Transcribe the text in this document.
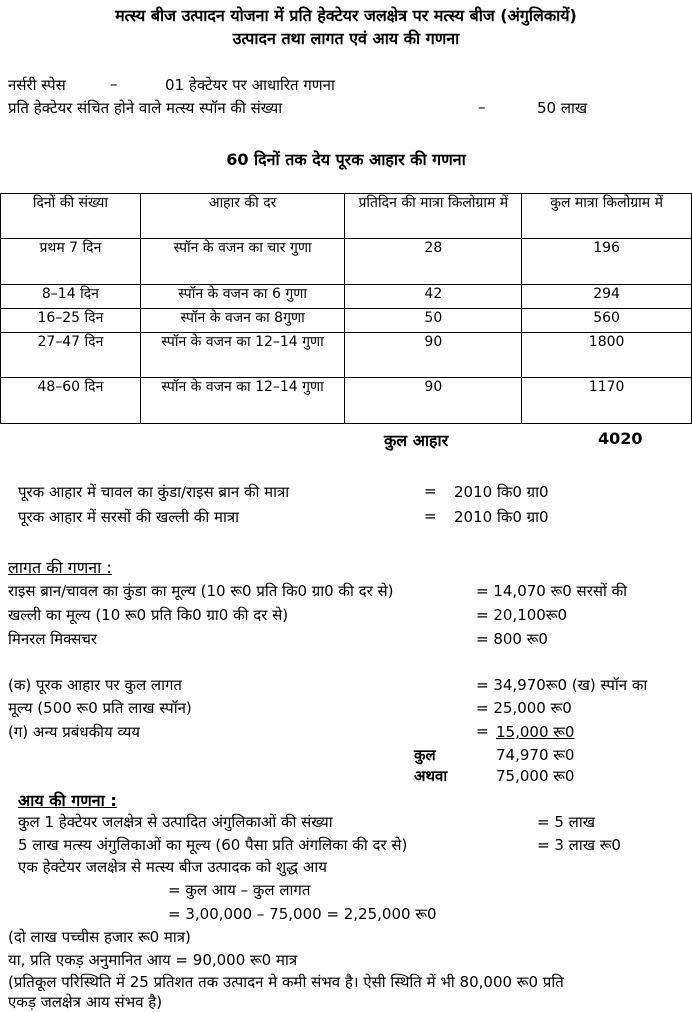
मत्स्य बीज उत्पादन योजना में प्रति हेक्टेयर जलक्षेत्र पर मत्स्य बीज (अंगुलिकायें)
उत्पादन तथा लागत एवं आय की गणना
नर्सरी स्पेस	–	01 हेक्टेयर पर आधारित गणना
प्रति हेक्टेयर संचित होने वाले मत्स्य स्पॉन की संख्या	–	50 लाख
60 दिनों तक देय पूरक आहार की गणना
दिनों की संख्या	आहार की दर	प्रतिदिन की मात्रा किलोग्राम में	कुल मात्रा किलोग्राम में
प्रथम 7 दिन	स्पॉन के वजन का चार गुणा	28	196
8–14 दिन	स्पॉन के वजन का 6 गुणा	42	294
16–25 दिन	स्पॉन के वजन का 8गुणा	50	560
27–47 दिन	स्पॉन के वजन का 12–14 गुणा	90	1800
48–60 दिन	स्पॉन के वजन का 12–14 गुणा	90	1170
कुल आहार	4020
पूरक आहार में चावल का कुंडा/राइस ब्रान की मात्रा	= 2010 कि0 ग्रा0
पूरक आहार में सरसों की खल्ली की मात्रा	= 2010 कि0 ग्रा0
लागत की गणना :
राइस ब्रान/चावल का कुंडा का मूल्य (10 रू0 प्रति कि0 ग्रा0 की दर से)	= 14,070 रू0 सरसों की
खल्ली का मूल्य (10 रू0 प्रति कि0 ग्रा0 की दर से)	= 20,100रू0
मिनरल मिक्सचर	= 800 रू0
(क) पूरक आहार पर कुल लागत	= 34,970रू0 (ख) स्पॉन का
मूल्य (500 रू0 प्रति लाख स्पॉन)	= 25,000 रू0
(ग) अन्य प्रबंधकीय व्यय	= 15,000 रू0
कुल	74,970 रू0
अथवा	75,000 रू0
आय की गणना :
कुल 1 हेक्टेयर जलक्षेत्र से उत्पादित अंगुलिकाओं की संख्या	= 5 लाख
5 लाख मत्स्य अंगुलिकाओं का मूल्य (60 पैसा प्रति अंगलिका की दर से)	= 3 लाख रू0
एक हेक्टेयर जलक्षेत्र से मत्स्य बीज उत्पादक को शुद्ध आय
= कुल आय – कुल लागत
= 3,00,000 – 75,000 = 2,25,000 रू0
(दो लाख पच्चीस हजार रू0 मात्र)
या, प्रति एकड़ अनुमानित आय = 90,000 रू0 मात्र
(प्रतिकूल परिस्थिति में 25 प्रतिशत तक उत्पादन मे कमी संभव है। ऐसी स्थिति में भी 80,000 रू0 प्रति
एकड़ जलक्षेत्र आय संभव है)
